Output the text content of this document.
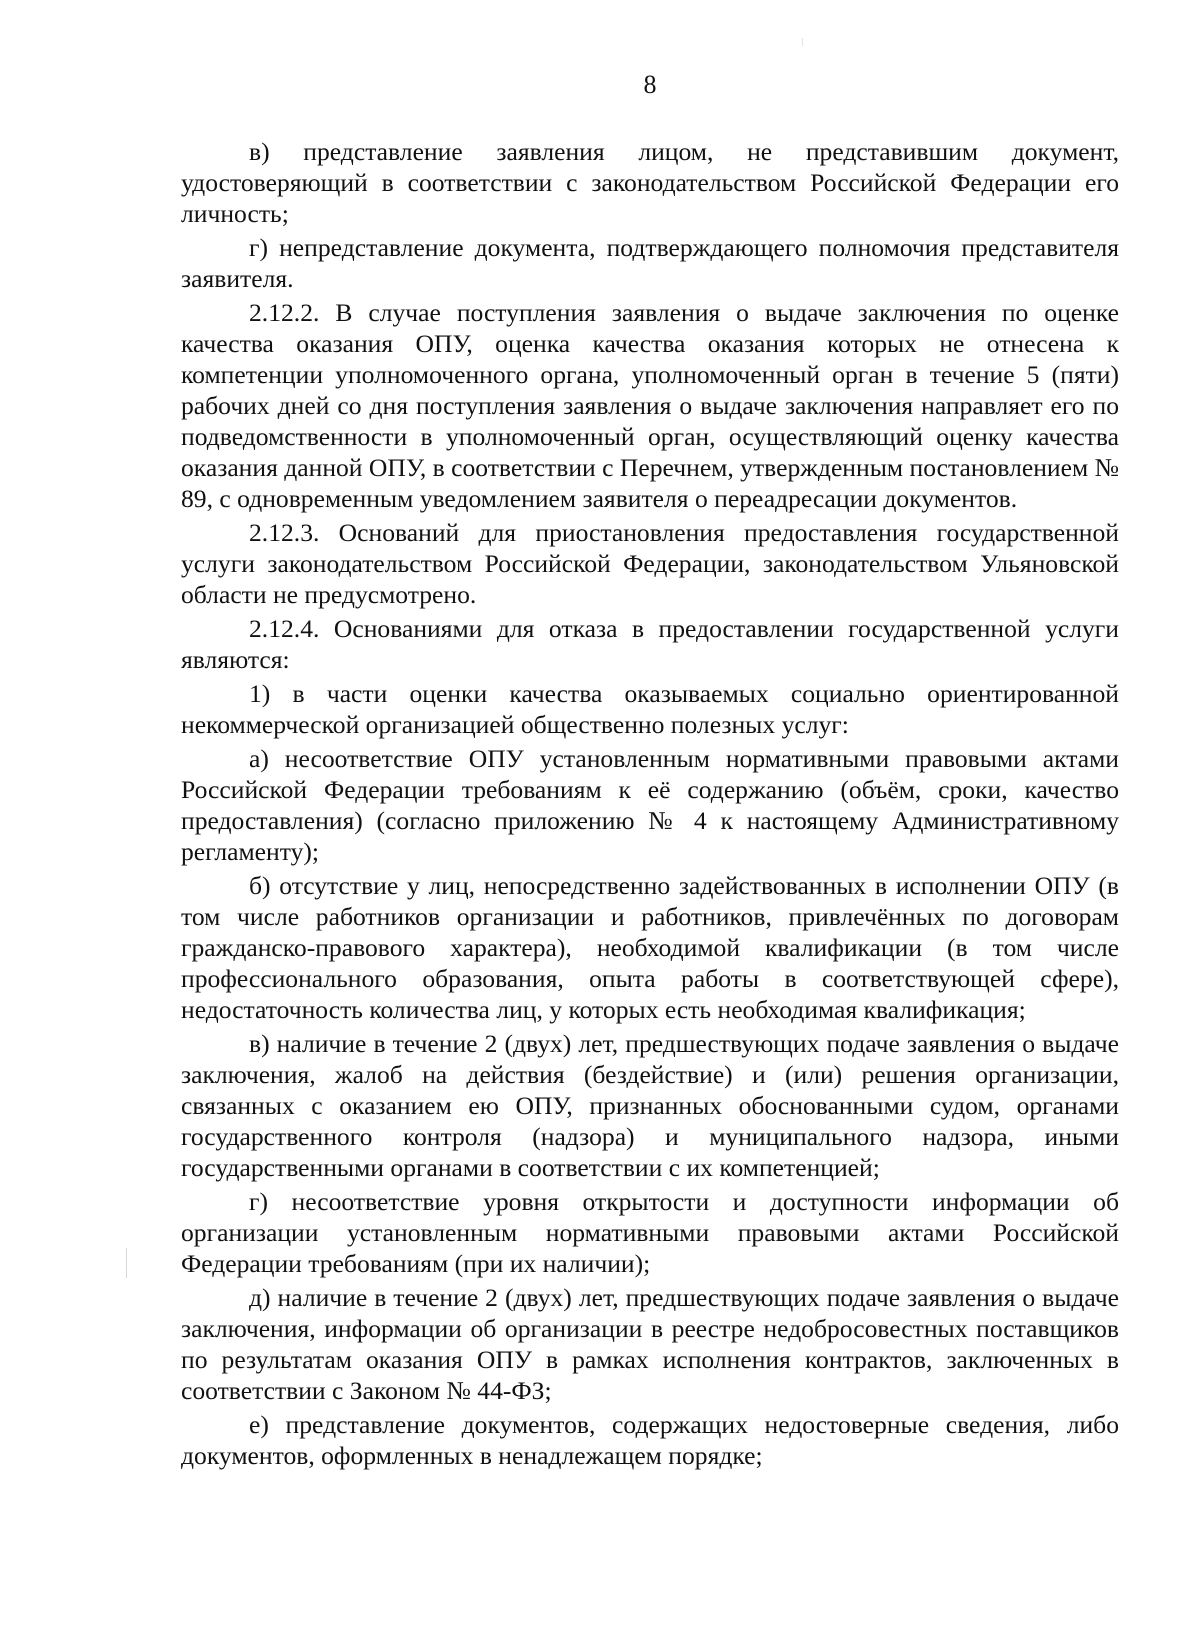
8

в) представление заявления лицом, не представившим документ, удостоверяющий в соответствии с законодательством Российской Федерации его личность;

г) непредставление документа, подтверждающего полномочия представителя заявителя.

2.12.2. В случае поступления заявления о выдаче заключения по оценке качества оказания ОПУ, оценка качества оказания которых не отнесена к компетенции уполномоченного органа, уполномоченный орган в течение 5 (пяти) рабочих дней со дня поступления заявления о выдаче заключения направляет его по подведомственности в уполномоченный орган, осуществляющий оценку качества оказания данной ОПУ, в соответствии с Перечнем, утвержденным постановлением № 89, с одновременным уведомлением заявителя о переадресации документов.

2.12.3. Оснований для приостановления предоставления государственной услуги законодательством Российской Федерации, законодательством Ульяновской области не предусмотрено.

2.12.4. Основаниями для отказа в предоставлении государственной услуги являются:

1) в части оценки качества оказываемых социально ориентированной некоммерческой организацией общественно полезных услуг:

а) несоответствие ОПУ установленным нормативными правовыми актами Российской Федерации требованиям к её содержанию (объём, сроки, качество предоставления) (согласно приложению № 4 к настоящему Административному регламенту);

б) отсутствие у лиц, непосредственно задействованных в исполнении ОПУ (в том числе работников организации и работников, привлечённых по договорам гражданско-правового характера), необходимой квалификации (в том числе профессионального образования, опыта работы в соответствующей сфере), недостаточность количества лиц, у которых есть необходимая квалификация;

в) наличие в течение 2 (двух) лет, предшествующих подаче заявления о выдаче заключения, жалоб на действия (бездействие) и (или) решения организации, связанных с оказанием ею ОПУ, признанных обоснованными судом, органами государственного контроля (надзора) и муниципального надзора, иными государственными органами в соответствии с их компетенцией;

г) несоответствие уровня открытости и доступности информации об организации установленным нормативными правовыми актами Российской Федерации требованиям (при их наличии);

д) наличие в течение 2 (двух) лет, предшествующих подаче заявления о выдаче заключения, информации об организации в реестре недобросовестных поставщиков по результатам оказания ОПУ в рамках исполнения контрактов, заключенных в соответствии с Законом № 44-ФЗ;

е) представление документов, содержащих недостоверные сведения, либо документов, оформленных в ненадлежащем порядке;
